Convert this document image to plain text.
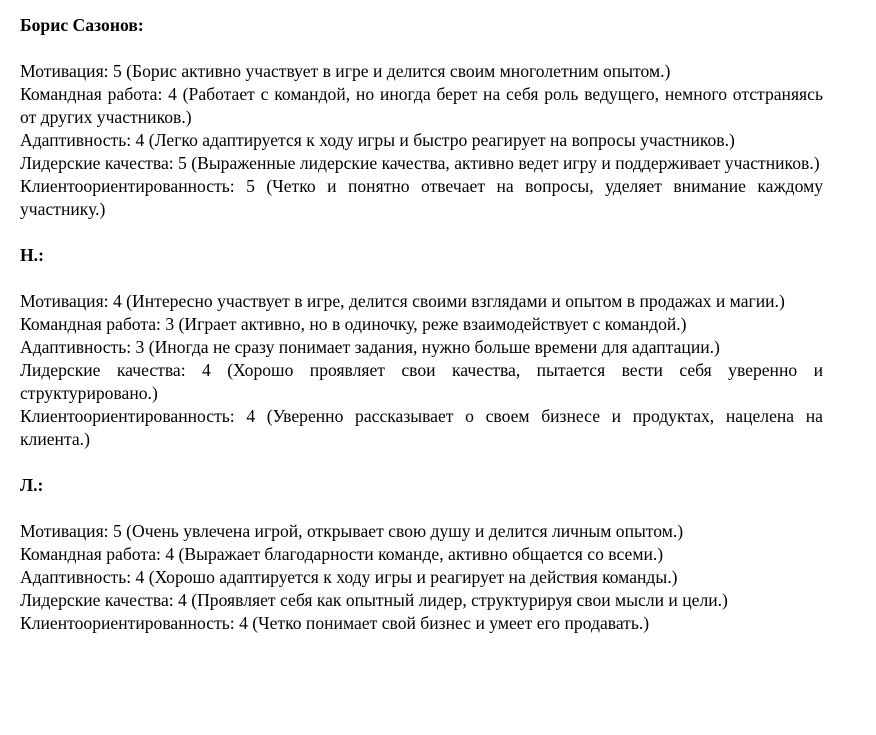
Борис Сазонов:

Мотивация: 5 (Борис активно участвует в игре и делится своим многолетним опытом.)

Командная работа: 4 (Работает с командой, но иногда берет на себя роль ведущего, немного отстраняясь от других участников.)

Адаптивность: 4 (Легко адаптируется к ходу игры и быстро реагирует на вопросы участников.)

Лидерские качества: 5 (Выраженные лидерские качества, активно ведет игру и поддерживает участников.)

Клиентоориентированность: 5 (Четко и понятно отвечает на вопросы, уделяет внимание каждому участнику.)

Н.:

Мотивация: 4 (Интересно участвует в игре, делится своими взглядами и опытом в продажах и магии.)

Командная работа: 3 (Играет активно, но в одиночку, реже взаимодействует с командой.)

Адаптивность: 3 (Иногда не сразу понимает задания, нужно больше времени для адаптации.)

Лидерские качества: 4 (Хорошо проявляет свои качества, пытается вести себя уверенно и структурировано.)

Клиентоориентированность: 4 (Уверенно рассказывает о своем бизнесе и продуктах, нацелена на клиента.)

Л.:

Мотивация: 5 (Очень увлечена игрой, открывает свою душу и делится личным опытом.)

Командная работа: 4 (Выражает благодарности команде, активно общается со всеми.)

Адаптивность: 4 (Хорошо адаптируется к ходу игры и реагирует на действия команды.)

Лидерские качества: 4 (Проявляет себя как опытный лидер, структурируя свои мысли и цели.)

Клиентоориентированность: 4 (Четко понимает свой бизнес и умеет его продавать.)
